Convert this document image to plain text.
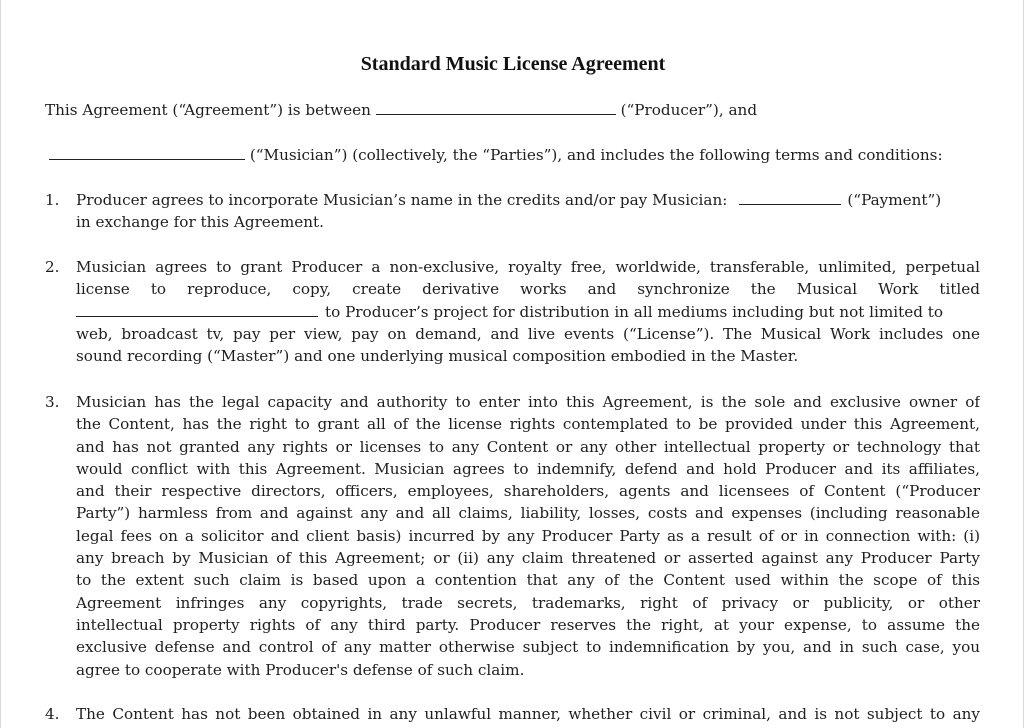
Standard Music License Agreement
This Agreement (“Agreement”) is between	(“Producer”), and
(“Musician”) (collectively, the “Parties”), and includes the following terms and conditions:
1. Producer agrees to incorporate Musician’s name in the credits and/or pay Musician:	(“Payment”)
in exchange for this Agreement.
2. Musician agrees to grant Producer a non-exclusive, royalty free, worldwide, transferable, unlimited, perpetual
license to reproduce, copy, create derivative works and synchronize the Musical Work titled
to Producer’s project for distribution in all mediums including but not limited to
web, broadcast tv, pay per view, pay on demand, and live events (“License”). The Musical Work includes one
sound recording (“Master”) and one underlying musical composition embodied in the Master.
3. Musician has the legal capacity and authority to enter into this Agreement, is the sole and exclusive owner of
the Content, has the right to grant all of the license rights contemplated to be provided under this Agreement,
and has not granted any rights or licenses to any Content or any other intellectual property or technology that
would conflict with this Agreement. Musician agrees to indemnify, defend and hold Producer and its affiliates,
and their respective directors, officers, employees, shareholders, agents and licensees of Content (“Producer
Party”) harmless from and against any and all claims, liability, losses, costs and expenses (including reasonable
legal fees on a solicitor and client basis) incurred by any Producer Party as a result of or in connection with: (i)
any breach by Musician of this Agreement; or (ii) any claim threatened or asserted against any Producer Party
to the extent such claim is based upon a contention that any of the Content used within the scope of this
Agreement infringes any copyrights, trade secrets, trademarks, right of privacy or publicity, or other
intellectual property rights of any third party. Producer reserves the right, at your expense, to assume the
exclusive defense and control of any matter otherwise subject to indemnification by you, and in such case, you
agree to cooperate with Producer's defense of such claim.
4. The Content has not been obtained in any unlawful manner, whether civil or criminal, and is not subject to any
